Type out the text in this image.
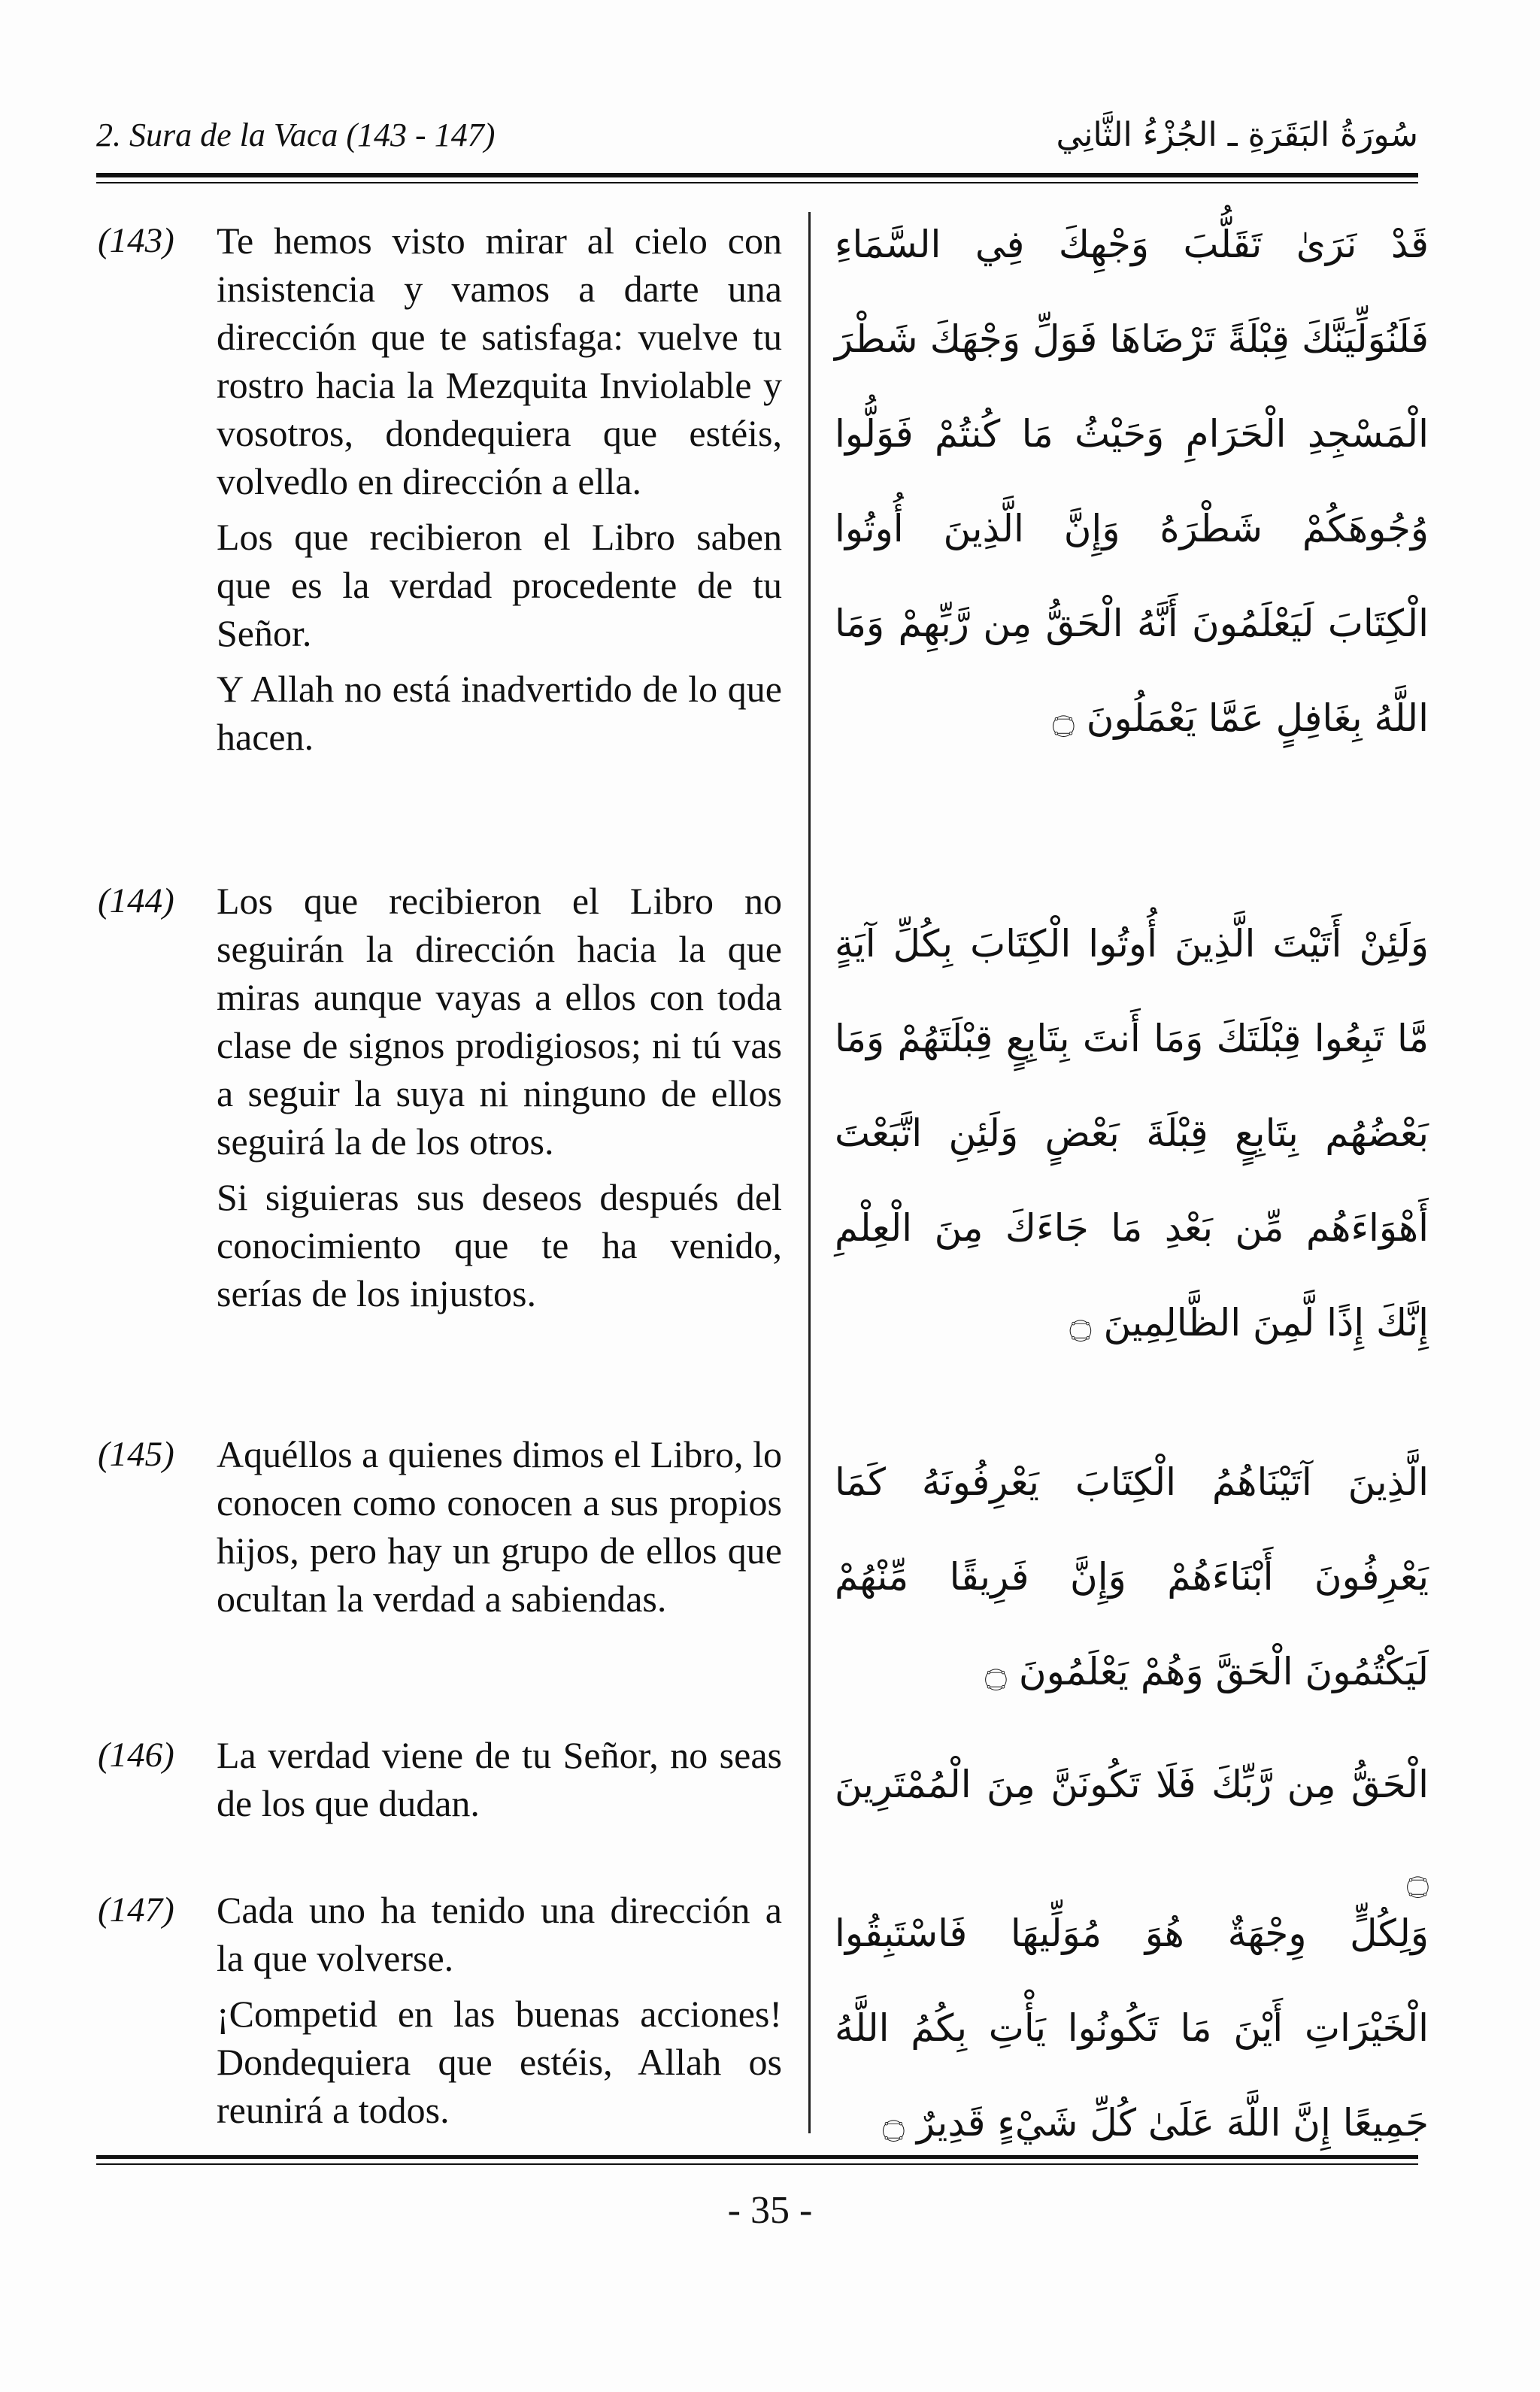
2. Sura de la Vaca (143 - 147)	سُورَةُ البَقَرَةِ ـ الجُزْءُ الثَّانِي
(143)	Te hemos visto mirar al cielo con insistencia y vamos a darte una dirección que te satisfaga: vuelve tu rostro hacia la Mezquita Inviolable y vosotros, dondequiera que estéis, volvedlo en dirección a ella.

Los que recibieron el Libro saben que es la verdad procedente de tu Señor.

Y Allah no está inadvertido de lo que hacen.

قَدْ نَرَىٰ تَقَلُّبَ وَجْهِكَ فِي السَّمَاءِ فَلَنُوَلِّيَنَّكَ قِبْلَةً تَرْضَاهَا فَوَلِّ وَجْهَكَ شَطْرَ الْمَسْجِدِ الْحَرَامِ وَحَيْثُ مَا كُنتُمْ فَوَلُّوا وُجُوهَكُمْ شَطْرَهُ وَإِنَّ الَّذِينَ أُوتُوا الْكِتَابَ لَيَعْلَمُونَ أَنَّهُ الْحَقُّ مِن رَّبِّهِمْ وَمَا اللَّهُ بِغَافِلٍ عَمَّا يَعْمَلُونَ ۝
(144)	Los que recibieron el Libro no seguirán la dirección hacia la que miras aunque vayas a ellos con toda clase de signos prodigiosos; ni tú vas a seguir la suya ni ninguno de ellos seguirá la de los otros.

Si siguieras sus deseos después del conocimiento que te ha venido, serías de los injustos.

وَلَئِنْ أَتَيْتَ الَّذِينَ أُوتُوا الْكِتَابَ بِكُلِّ آيَةٍ مَّا تَبِعُوا قِبْلَتَكَ وَمَا أَنتَ بِتَابِعٍ قِبْلَتَهُمْ وَمَا بَعْضُهُم بِتَابِعٍ قِبْلَةَ بَعْضٍ وَلَئِنِ اتَّبَعْتَ أَهْوَاءَهُم مِّن بَعْدِ مَا جَاءَكَ مِنَ الْعِلْمِ إِنَّكَ إِذًا لَّمِنَ الظَّالِمِينَ ۝
(145)	Aquéllos a quienes dimos el Libro, lo conocen como conocen a sus propios hijos, pero hay un grupo de ellos que ocultan la verdad a sabiendas.

الَّذِينَ آتَيْنَاهُمُ الْكِتَابَ يَعْرِفُونَهُ كَمَا يَعْرِفُونَ أَبْنَاءَهُمْ وَإِنَّ فَرِيقًا مِّنْهُمْ لَيَكْتُمُونَ الْحَقَّ وَهُمْ يَعْلَمُونَ ۝
(146)	La verdad viene de tu Señor, no seas de los que dudan.	الْحَقُّ مِن رَّبِّكَ فَلَا تَكُونَنَّ مِنَ الْمُمْتَرِينَ ۝
(147)	Cada uno ha tenido una dirección a la que volverse.

¡Competid en las buenas acciones! Dondequiera que estéis, Allah os reunirá a todos.

وَلِكُلٍّ وِجْهَةٌ هُوَ مُوَلِّيهَا فَاسْتَبِقُوا الْخَيْرَاتِ أَيْنَ مَا تَكُونُوا يَأْتِ بِكُمُ اللَّهُ جَمِيعًا إِنَّ اللَّهَ عَلَىٰ كُلِّ شَيْءٍ قَدِيرٌ ۝
- 35 -
